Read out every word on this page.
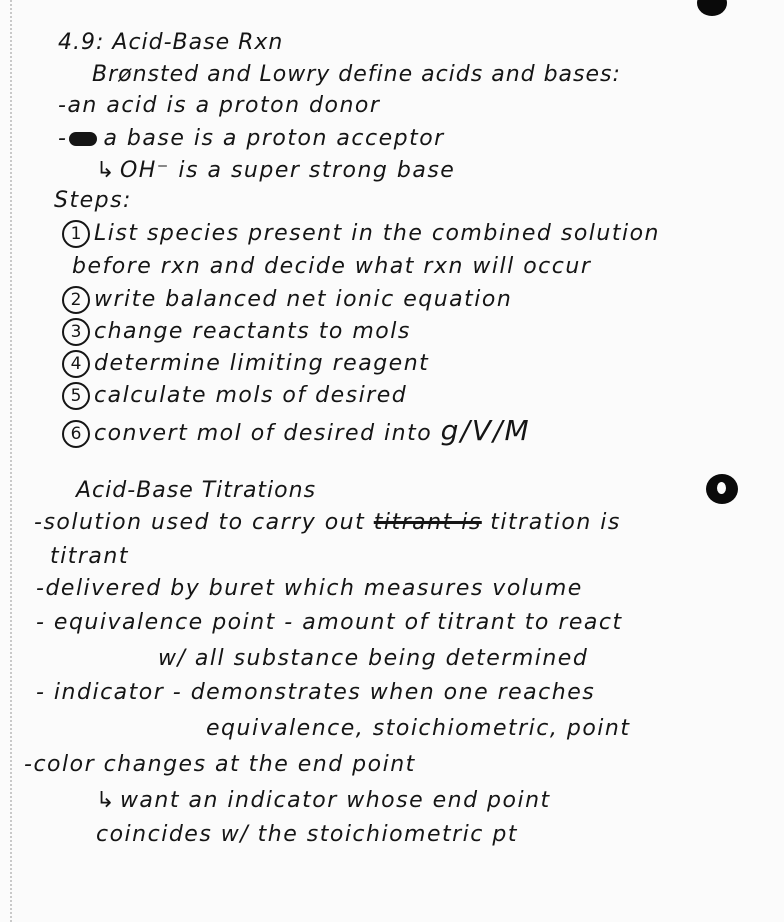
4.9: Acid-Base Rxn
Brønsted and Lowry define acids and bases:
-an acid is a proton donor
- a base is a proton acceptor
↳ OH⁻ is a super strong base
Steps:
1 List species present in the combined solution
before rxn and decide what rxn will occur
2 write balanced net ionic equation
3 change reactants to mols
4 determine limiting reagent
5 calculate mols of desired
6 convert mol of desired into g/V/M
Acid-Base Titrations
-solution used to carry out titrant is titration is
titrant
-delivered by buret which measures volume
- equivalence point - amount of titrant to react
w/ all substance being determined
- indicator - demonstrates when one reaches
equivalence, stoichiometric, point
-color changes at the end point
↳ want an indicator whose end point
coincides w/ the stoichiometric pt
